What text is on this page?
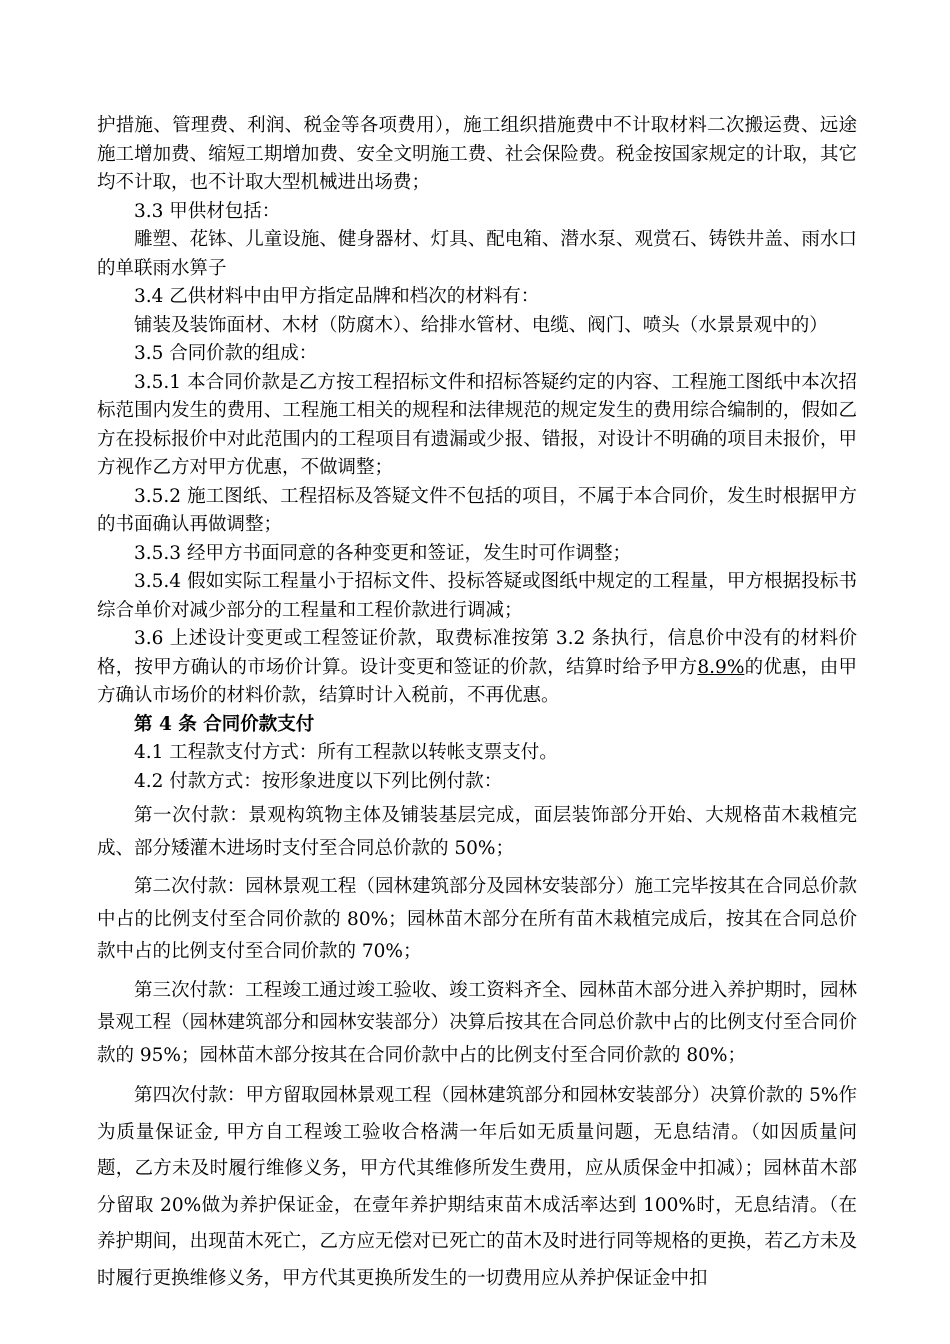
护措施、管理费、利润、税金等各项费用），施工组织措施费中不计取材料二次搬运费、远途施工增加费、缩短工期增加费、安全文明施工费、社会保险费。税金按国家规定的计取，其它均不计取，也不计取大型机械进出场费；

3.3 甲供材包括：

雕塑、花钵、儿童设施、健身器材、灯具、配电箱、潜水泵、观赏石、铸铁井盖、雨水口的单联雨水箅子

3.4 乙供材料中由甲方指定品牌和档次的材料有：

铺装及装饰面材、木材（防腐木）、给排水管材、电缆、阀门、喷头（水景景观中的）

3.5 合同价款的组成：

3.5.1 本合同价款是乙方按工程招标文件和招标答疑约定的内容、工程施工图纸中本次招标范围内发生的费用、工程施工相关的规程和法律规范的规定发生的费用综合编制的，假如乙方在投标报价中对此范围内的工程项目有遗漏或少报、错报，对设计不明确的项目未报价，甲方视作乙方对甲方优惠，不做调整；

3.5.2 施工图纸、工程招标及答疑文件不包括的项目，不属于本合同价，发生时根据甲方的书面确认再做调整；

3.5.3 经甲方书面同意的各种变更和签证，发生时可作调整；

3.5.4 假如实际工程量小于招标文件、投标答疑或图纸中规定的工程量，甲方根据投标书综合单价对减少部分的工程量和工程价款进行调减；

3.6 上述设计变更或工程签证价款，取费标准按第 3.2 条执行，信息价中没有的材料价格，按甲方确认的市场价计算。设计变更和签证的价款，结算时给予甲方8.9%的优惠，由甲方确认市场价的材料价款，结算时计入税前，不再优惠。

第 4 条 合同价款支付

4.1 工程款支付方式：所有工程款以转帐支票支付。

4.2 付款方式：按形象进度以下列比例付款：

第一次付款：景观构筑物主体及铺装基层完成，面层装饰部分开始、大规格苗木栽植完成、部分矮灌木进场时支付至合同总价款的 50%；

第二次付款：园林景观工程（园林建筑部分及园林安装部分）施工完毕按其在合同总价款中占的比例支付至合同价款的 80%；园林苗木部分在所有苗木栽植完成后，按其在合同总价款中占的比例支付至合同价款的 70%；

第三次付款：工程竣工通过竣工验收、竣工资料齐全、园林苗木部分进入养护期时，园林景观工程（园林建筑部分和园林安装部分）决算后按其在合同总价款中占的比例支付至合同价款的 95%；园林苗木部分按其在合同价款中占的比例支付至合同价款的 80%；

第四次付款：甲方留取园林景观工程（园林建筑部分和园林安装部分）决算价款的 5%作为质量保证金, 甲方自工程竣工验收合格满一年后如无质量问题，无息结清。（如因质量问题，乙方未及时履行维修义务，甲方代其维修所发生费用，应从质保金中扣减）；园林苗木部分留取 20%做为养护保证金，在壹年养护期结束苗木成活率达到 100%时，无息结清。（在养护期间，出现苗木死亡，乙方应无偿对已死亡的苗木及时进行同等规格的更换，若乙方未及时履行更换维修义务，甲方代其更换所发生的一切费用应从养护保证金中扣
